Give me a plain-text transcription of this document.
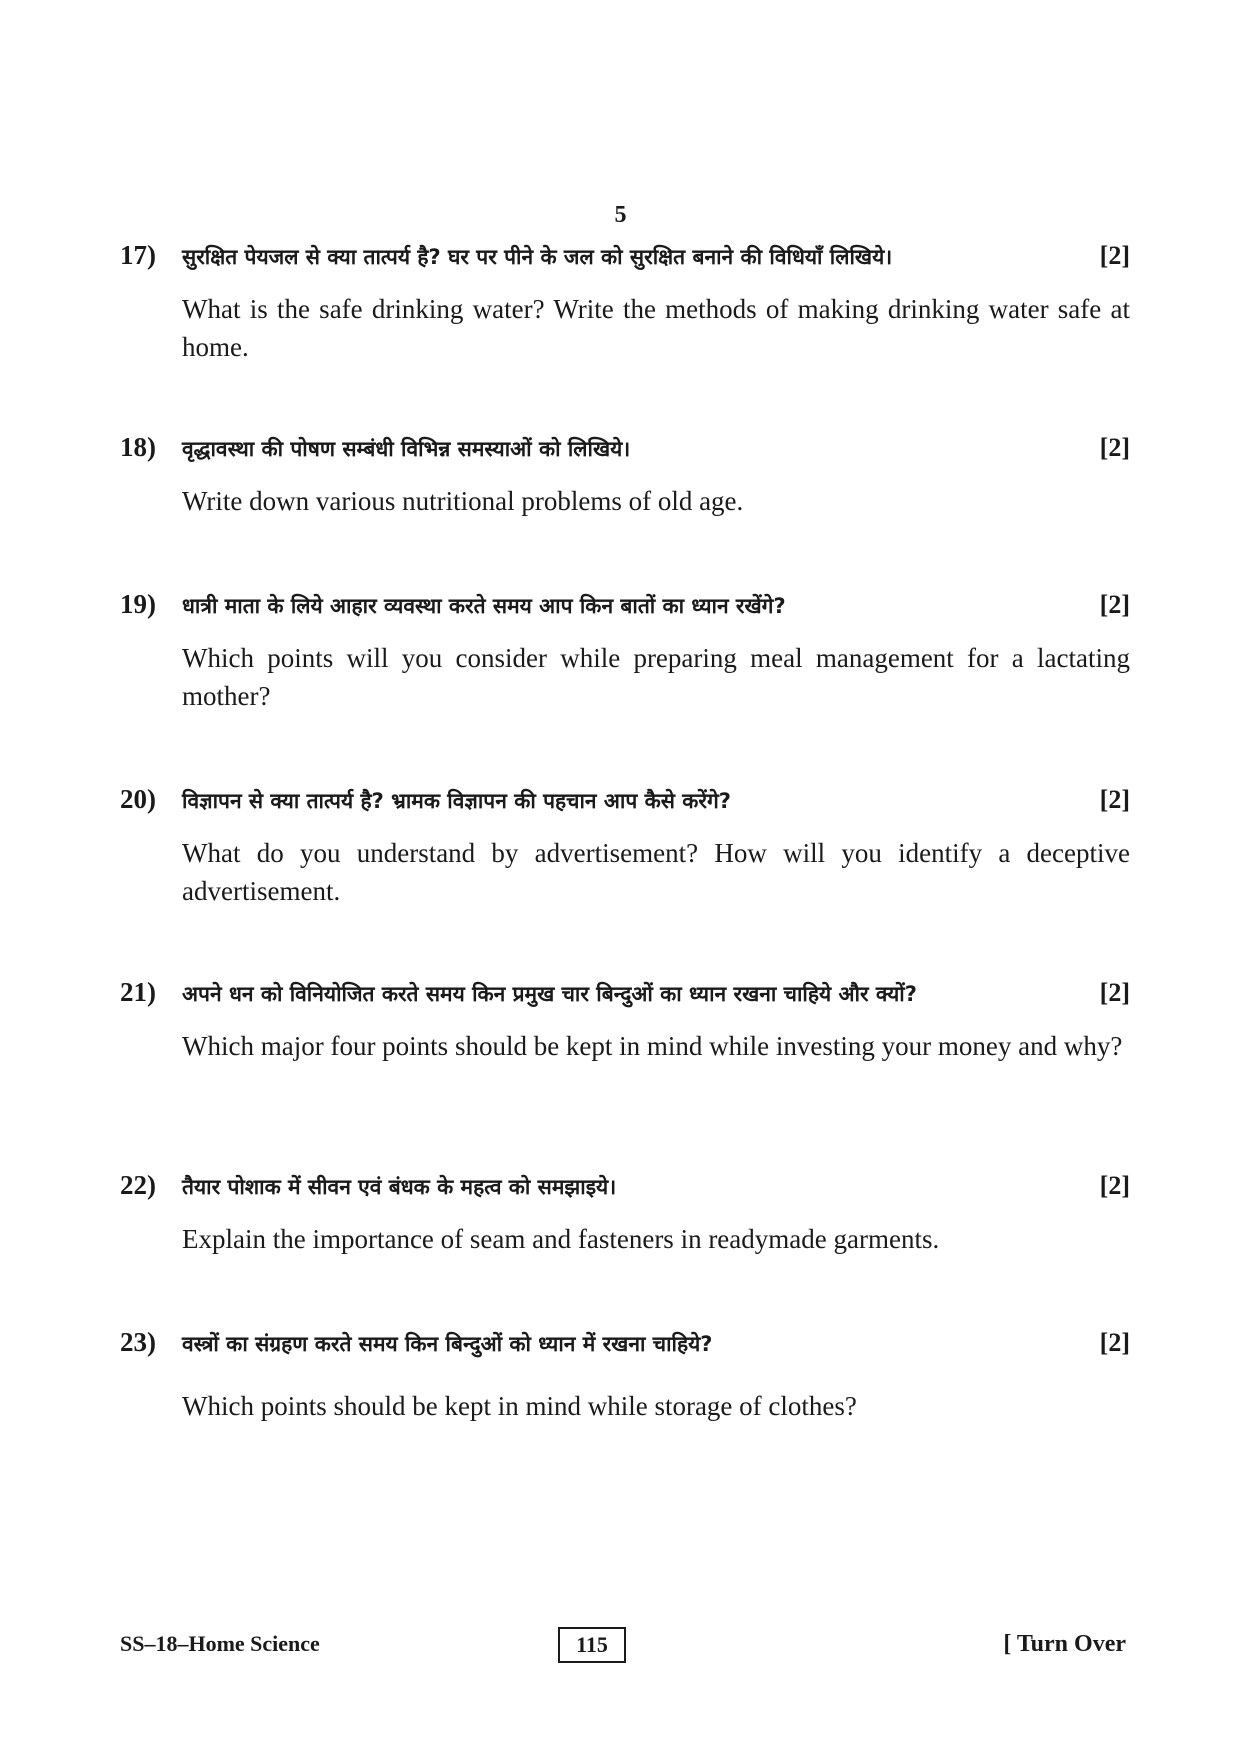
5
17)	सुरक्षित पेयजल से क्या तात्पर्य है? घर पर पीने के जल को सुरक्षित बनाने की विधियाँ लिखिये।	[2]
What is the safe drinking water? Write the methods of making drinking water safe at home.
18)	वृद्धावस्था की पोषण सम्बंधी विभिन्न समस्याओं को लिखिये।	[2]
Write down various nutritional problems of old age.
19)	धात्री माता के लिये आहार व्यवस्था करते समय आप किन बातों का ध्यान रखेंगे?	[2]
Which points will you consider while preparing meal management for a lactating mother?
20)	विज्ञापन से क्या तात्पर्य है? भ्रामक विज्ञापन की पहचान आप कैसे करेंगे?	[2]
What do you understand by advertisement? How will you identify a deceptive advertisement.
21)	अपने धन को विनियोजित करते समय किन प्रमुख चार बिन्दुओं का ध्यान रखना चाहिये और क्यों?	[2]
Which major four points should be kept in mind while investing your money and why?
22)	तैयार पोशाक में सीवन एवं बंधक के महत्व को समझाइये।	[2]
Explain the importance of seam and fasteners in readymade garments.
23)	वस्त्रों का संग्रहण करते समय किन बिन्दुओं को ध्यान में रखना चाहिये?	[2]
Which points should be kept in mind while storage of clothes?
SS–18–Home Science	115	[ Turn Over
